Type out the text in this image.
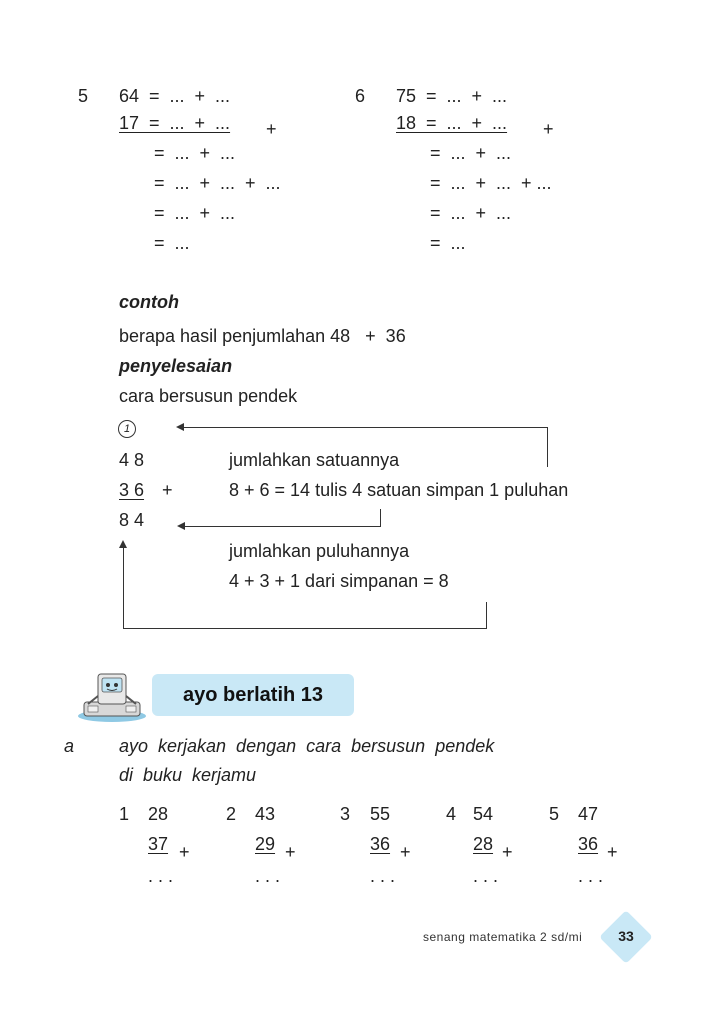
5 64  =  ...  +  ...
17  =  ...  +  ... +
=  ...  +  ...
=  ...  +  ...  +  ...
=  ...  +  ...
=  ...
6 75  =  ...  +  ...
18  =  ...  +  ... +
=  ...  +  ...
=  ...  +  ...  + ...
=  ...  +  ...
=  ...
contoh
berapa hasil penjumlahan 48   +  36
penyelesaian
cara bersusun pendek
1
4 8	jumlahkan satuannya
3 6 +	8 + 6 = 14 tulis 4 satuan simpan 1 puluhan
8 4
jumlahkan puluhannya
4 + 3 + 1 dari simpanan = 8
ayo berlatih 13
a ayo  kerjakan  dengan  cara  bersusun  pendek
di  buku  kerjamu
1 28
37 +
. . .
2 43
29 +
. . .
3 55
36 +
. . .
4 54
28 +
. . .
5 47
36 +
. . .
senang matematika 2 sd/mi	33
